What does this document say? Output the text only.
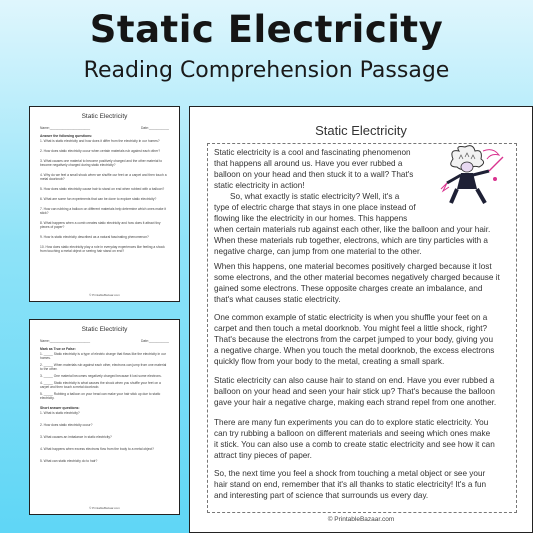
Static Electricity
Reading Comprehension Passage
Static Electricity
Name:______________________	Date:___________
Answer the following questions:
1. What is static electricity and how does it differ from the electricity in our homes?
2. How does static electricity occur when certain materials rub against each other?
3. What causes one material to become positively charged and the other material to become negatively charged during static electricity?
4. Why do we feel a small shock when we shuffle our feet on a carpet and then touch a metal doorknob?
5. How does static electricity cause hair to stand on end when rubbed with a balloon?
6. What are some fun experiments that can be done to explore static electricity?
7. How can rubbing a balloon on different materials help determine which ones make it stick?
8. What happens when a comb creates static electricity and how does it attract tiny pieces of paper?
9. How is static electricity described as a natural fascinating phenomenon?
10. How does static electricity play a role in everyday experiences like feeling a shock from touching a metal object or seeing hair stand on end?
© PrintableBazaar.com
Static Electricity
Name:______________________	Date:___________
Mark as True or False:
1. _____ Static electricity is a type of electric charge that flows like the electricity in our homes.
2. _____ When materials rub against each other, electrons can jump from one material to the other.
3. _____ One material becomes negatively charged because it lost some electrons.
4. _____ Static electricity is what causes the shock when you shuffle your feet on a carpet and then touch a metal doorknob.
5. _____ Rubbing a balloon on your head can make your hair stick up due to static electricity.
Short answer questions:
1. What is static electricity?
2. How does static electricity occur?
3. What causes an imbalance in static electricity?
4. What happens when excess electrons flow from the body to a metal object?
5. What can static electricity do to hair?
© PrintableBazaar.com
Static Electricity
Static electricity is a cool and fascinating phenomenon
that happens all around us. Have you ever rubbed a
balloon on your head and then stuck it to a wall? That's
static electricity in action!
So, what exactly is static electricity? Well, it's a
type of electric charge that stays in one place instead of
flowing like the electricity in our homes. This happens
when certain materials rub against each other, like the balloon and your hair.
When these materials rub together, electrons, which are tiny particles with a
negative charge, can jump from one material to the other.
When this happens, one material becomes positively charged because it lost
some electrons, and the other material becomes negatively charged because it
gained some electrons. These opposite charges create an imbalance, and
that's what causes static electricity.
One common example of static electricity is when you shuffle your feet on a
carpet and then touch a metal doorknob. You might feel a little shock, right?
That's because the electrons from the carpet jumped to your body, giving you
a negative charge. When you touch the metal doorknob, the excess electrons
quickly flow from your body to the metal, creating a small spark.
Static electricity can also cause hair to stand on end. Have you ever rubbed a
balloon on your head and seen your hair stick up? That's because the balloon
gave your hair a negative charge, making each strand repel from one another.
There are many fun experiments you can do to explore static electricity. You
can try rubbing a balloon on different materials and seeing which ones make
it stick. You can also use a comb to create static electricity and see how it can
attract tiny pieces of paper.
So, the next time you feel a shock from touching a metal object or see your
hair stand on end, remember that it's all thanks to static electricity! It's a fun
and interesting part of science that surrounds us every day.
© PrintableBazaar.com
